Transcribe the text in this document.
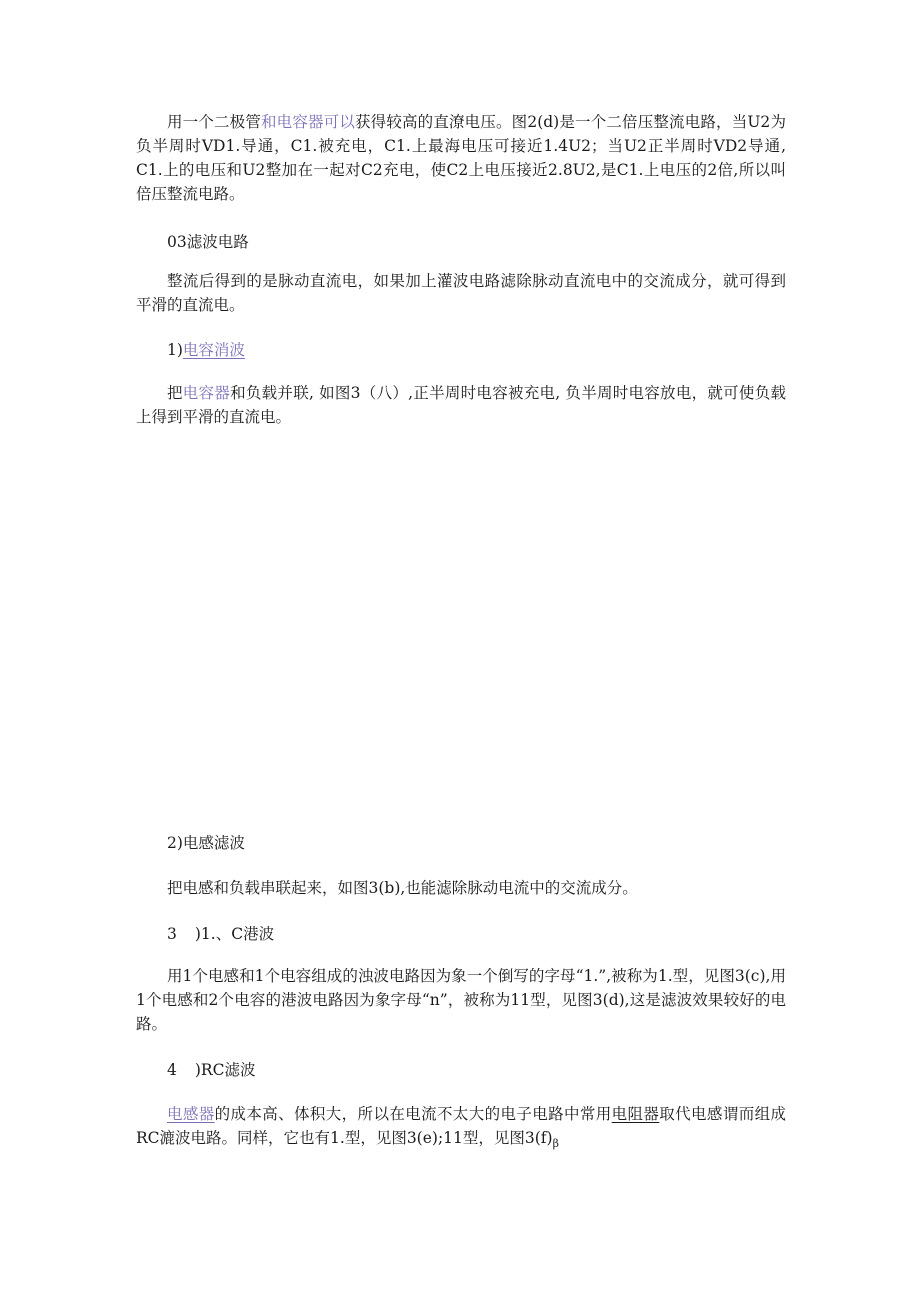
用一个二极管和电容器可以获得较高的直潦电压。图2(d)是一个二倍压整流电路，当U2为负半周时VD1.导通，C1.被充电，C1.上最海电压可接近1.4U2；当U2正半周时VD2导通, C1.上的电压和U2整加在一起对C2充电，使C2上电压接近2.8U2,是C1.上电压的2倍,所以叫倍压整流电路。

03滤波电路

整流后得到的是脉动直流电，如果加上灌波电路滤除脉动直流电中的交流成分，就可得到平滑的直流电。

1)电容消波

把电容器和负载并联, 如图3（八）,正半周时电容被充电, 负半周时电容放电，就可使负载上得到平滑的直流电。

2)电感滤波

把电感和负载串联起来，如图3(b),也能滤除脉动电流中的交流成分。

3 )1.、C港波

用1个电感和1个电容组成的浊波电路因为象一个倒写的字母“1.”,被称为1.型，见图3(c),用1个电感和2个电容的港波电路因为象字母“n”，被称为11型，见图3(d),这是滤波效果较好的电路。

4 )RC滤波

电感器的成本高、体积大，所以在电流不太大的电子电路中常用电阻器取代电感谓而组成RC漉波电路。同样，它也有1.型，见图3(e);11型，见图$3(f)_\beta$
